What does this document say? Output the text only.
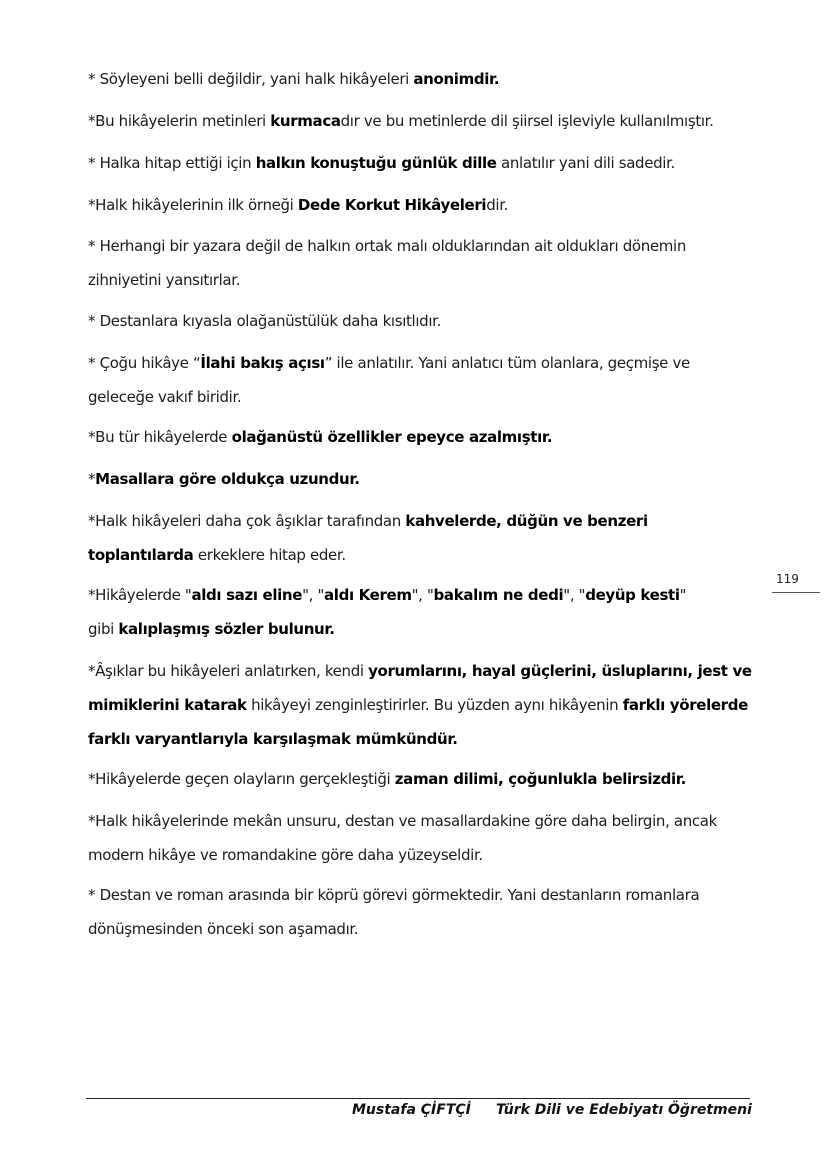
* Söyleyeni belli değildir, yani halk hikâyeleri anonimdir.

*Bu hikâyelerin metinleri kurmacadır ve bu metinlerde dil şiirsel işleviyle kullanılmıştır.

* Halka hitap ettiği için halkın konuştuğu günlük dille anlatılır yani dili sadedir.

*Halk hikâyelerinin ilk örneği Dede Korkut Hikâyeleridir.

* Herhangi bir yazara değil de halkın ortak malı olduklarından ait oldukları dönemin
zihniyetini yansıtırlar.

* Destanlara kıyasla olağanüstülük daha kısıtlıdır.

* Çoğu hikâye “İlahi bakış açısı” ile anlatılır. Yani anlatıcı tüm olanlara, geçmişe ve
geleceğe vakıf biridir.

*Bu tür hikâyelerde olağanüstü özellikler epeyce azalmıştır.

*Masallara göre oldukça uzundur.

*Halk hikâyeleri daha çok âşıklar tarafından kahvelerde, düğün ve benzeri
toplantılarda erkeklere hitap eder.

*Hikâyelerde "aldı sazı eline", "aldı Kerem", "bakalım ne dedi", "deyüp kesti"
gibi kalıplaşmış sözler bulunur.

*Âşıklar bu hikâyeleri anlatırken, kendi yorumlarını, hayal güçlerini, üsluplarını, jest ve
mimiklerini katarak hikâyeyi zenginleştirirler. Bu yüzden aynı hikâyenin farklı yörelerde
farklı varyantlarıyla karşılaşmak mümkündür.

*Hikâyelerde geçen olayların gerçekleştiği zaman dilimi, çoğunlukla belirsizdir.

*Halk hikâyelerinde mekân unsuru, destan ve masallardakine göre daha belirgin, ancak
modern hikâye ve romandakine göre daha yüzeyseldir.

* Destan ve roman arasında bir köprü görevi görmektedir. Yani destanların romanlara
dönüşmesinden önceki son aşamadır.

119
Mustafa ÇİFTÇİ Türk Dili ve Edebiyatı Öğretmeni
